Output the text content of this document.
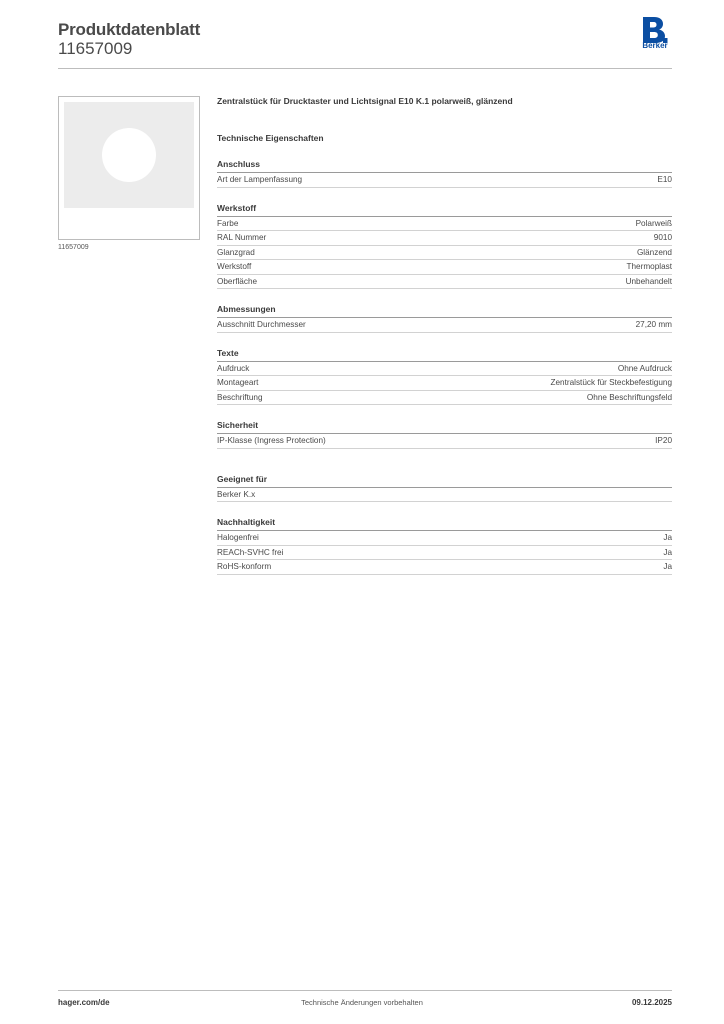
Produktdatenblatt
11657009	Berker
11657009
Zentralstück für Drucktaster und Lichtsignal E10 K.1 polarweiß, glänzend
Technische Eigenschaften
Anschluss
Art der Lampenfassung	E10
Werkstoff
Farbe	Polarweiß
RAL Nummer	9010
Glanzgrad	Glänzend
Werkstoff	Thermoplast
Oberfläche	Unbehandelt
Abmessungen
Ausschnitt Durchmesser	27,20 mm
Texte
Aufdruck	Ohne Aufdruck
Montageart	Zentralstück für Steckbefestigung
Beschriftung	Ohne Beschriftungsfeld
Sicherheit
IP-Klasse (Ingress Protection)	IP20
Geeignet für
Berker K.x
Nachhaltigkeit
Halogenfrei	Ja
REACh-SVHC frei	Ja
RoHS-konform	Ja
hager.com/de	Technische Änderungen vorbehalten	09.12.2025
